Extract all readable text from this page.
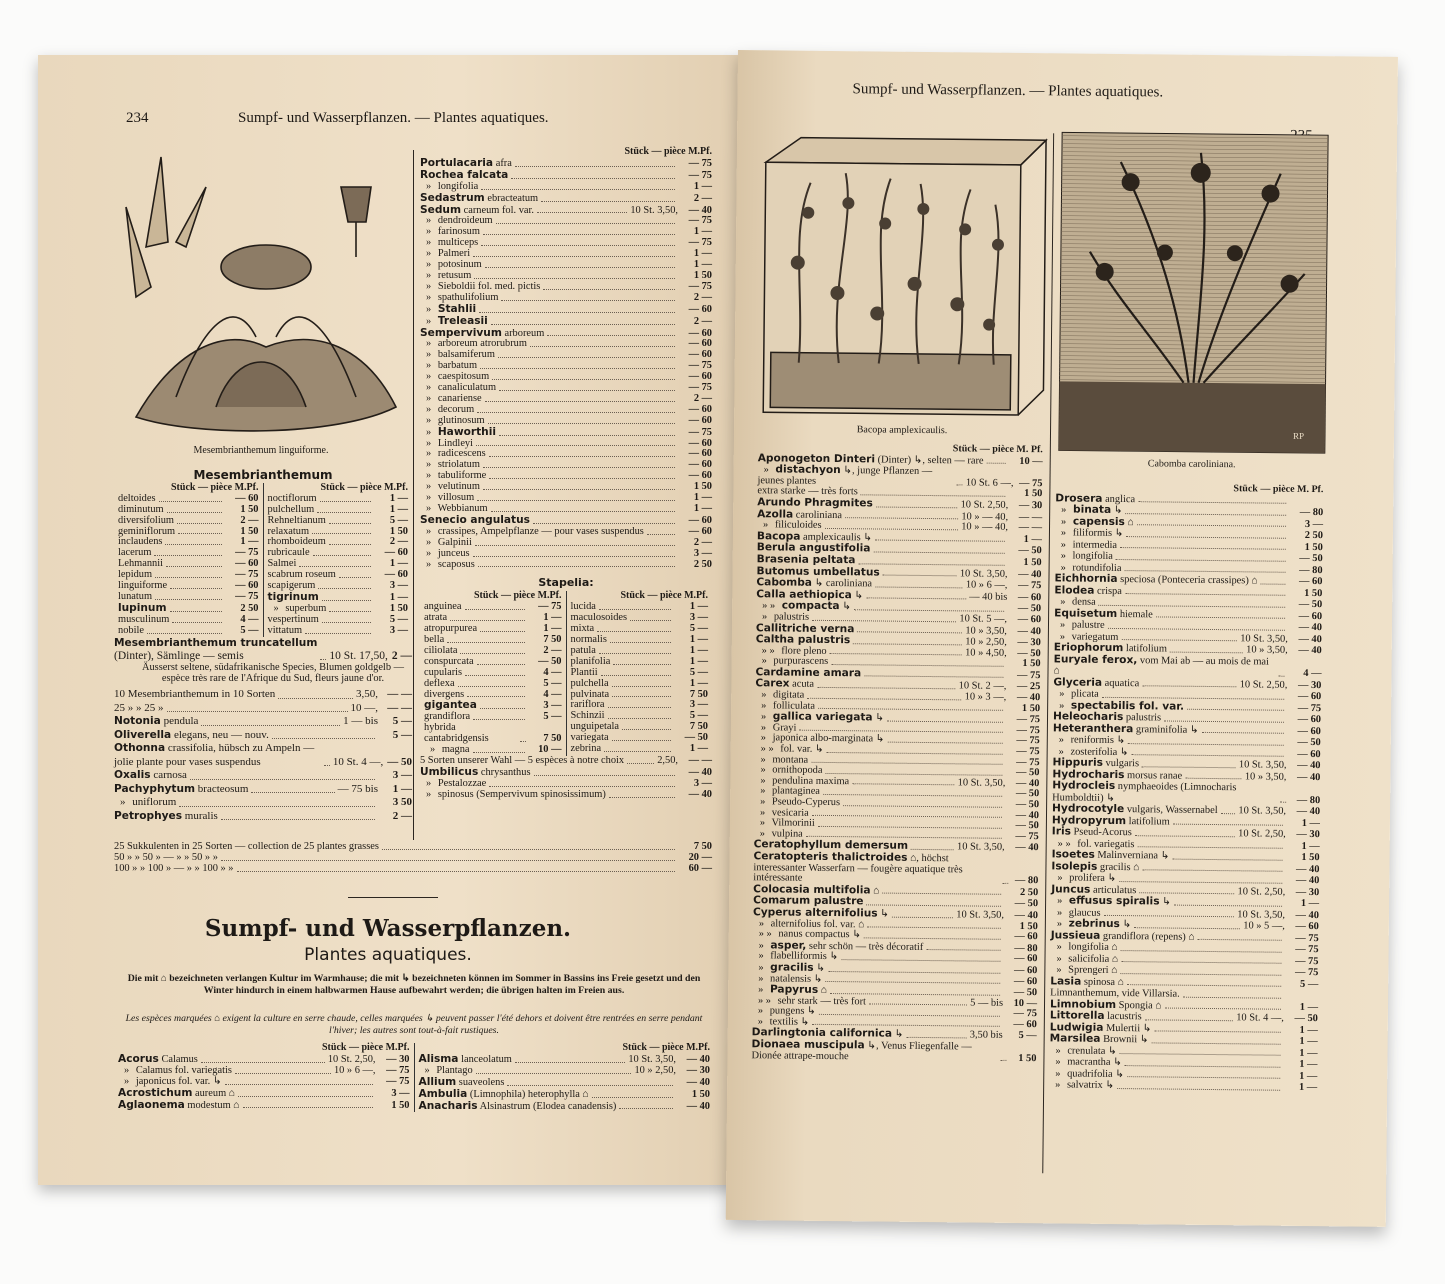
234	Sumpf- und Wasserpflanzen. — Plantes aquatiques.
Mesembrianthemum linguiforme.
Mesembrianthemum
Stück — pièce M.Pf.
deltoides	— 60
diminutum	1 50
diversifolium	2 —
geminiflorum	1 50
inclaudens	1 —
lacerum	— 75
Lehmannii	— 60
lepidum	— 75
linguiforme	— 60
lunatum	— 75
lupinum	2 50
musculinum	4 —
nobile	5 —
Stück — pièce M.Pf.
noctiflorum	1 —
pulchellum	1 —
Rehneltianum	5 —
relaxatum	1 50
rhomboideum	2 —
rubricaule	— 60
Salmei	1 —
scabrum roseum	— 60
scapigerum	3 —
tigrinum	1 —
» superbum	1 50
vespertinum	5 —
vittatum	3 —
Mesembrianthemum truncatellum (Dinter), Sämlinge — semis	10 St. 17,50, 2 —
Äusserst seltene, südafrikanische Species, Blumen goldgelb — espèce très rare de l'Afrique du Sud, fleurs jaune d'or.
10 Mesembrianthemum in 10 Sorten	3,50, — —
25 » » 25 »	10 —, — —
Notonia pendula	1 — bis	5 —
Oliverella elegans, neu — nouv.	5 —
Othonna crassifolia, hübsch zu Ampeln — jolie plante pour vases suspendus	10 St. 4 —, — 50
Oxalis carnosa	3 —
Pachyphytum bracteosum	— 75 bis	1 —
» uniflorum	3 50
Petrophyes muralis	2 —
Stück — pièce M.Pf.
Portulacaria afra	— 75
Rochea falcata	— 75
» longifolia	1 —
Sedastrum ebracteatum	2 —
Sedum carneum fol. var.	10 St. 3,50,	— 40
» dendroideum	— 75
» farinosum	1 —
» multiceps	— 75
» Palmeri	1 —
» potosinum	1 —
» retusum	1 50
» Sieboldii fol. med. pictis	— 75
» spathulifolium	2 —
» Stahlii	— 60
» Treleasii	2 —
Sempervivum arboreum	— 60
» arboreum atrorubrum	— 60
» balsamiferum	— 60
» barbatum	— 75
» caespitosum	— 60
» canaliculatum	— 75
» canariense	2 —
» decorum	— 60
» glutinosum	— 60
» Haworthii	— 75
» Lindleyi	— 60
» radicescens	— 60
» striolatum	— 60
» tabuliforme	— 60
» velutinum	1 50
» villosum	1 —
» Webbianum	1 —
Senecio angulatus	— 60
» crassipes, Ampelpflanze — pour vases suspendus	— 60
» Galpinii	2 —
» junceus	3 —
» scaposus	2 50
Stapelia:
Stück — pièce M.Pf.
anguinea	— 75
atrata	1 —
atropurpurea	1 —
bella	7 50
ciliolata	2 —
conspurcata	— 50
cupularis	4 —
deflexa	5 —
divergens	4 —
gigantea	3 —
grandiflora	5 —
hybrida cantabridgensis	7 50
» magna	10 —
Stück — pièce M.Pf.
lucida	1 —
maculosoides	3 —
mixta	5 —
normalis	1 —
patula	1 —
planifolia	1 —
Plantii	5 —
pulchella	1 —
pulvinata	7 50
rariflora	3 —
Schinzii	5 —
unguipetala	7 50
variegata	— 50
zebrina	1 —
5 Sorten unserer Wahl — 5 espèces à notre choix	2,50,	— —
Umbilicus chrysanthus	— 40
» Pestalozzae	3 —
» spinosus (Sempervivum spinosissimum)	— 40
25 Sukkulenten in 25 Sorten — collection de 25 plantes grasses	7 50
50 » » 50 » — » » 50 » »	20 —
100 » » 100 » — » » 100 » »	60 —
Sumpf- und Wasserpflanzen.
Plantes aquatiques.
Die mit ⌂ bezeichneten verlangen Kultur im Warmhause; die mit ↳ bezeichneten können im Sommer in Bassins ins Freie gesetzt und den Winter hindurch in einem halbwarmen Hause aufbewahrt werden; die übrigen halten im Freien aus.
Les espèces marquées ⌂ exigent la culture en serre chaude, celles marquées ↳ peuvent passer l'été dehors et doivent être rentrées en serre pendant l'hiver; les autres sont tout-à-fait rustiques.
Stück — pièce M.Pf.
Acorus Calamus	10 St. 2,50,	— 30
» Calamus fol. variegatis	10 » 6 —,	— 75
» japonicus fol. var. ↳	— 75
Acrostichum aureum ⌂	3 —
Aglaonema modestum ⌂	1 50
Stück — pièce M.Pf.
Alisma lanceolatum	10 St. 3,50,	— 40
» Plantago	10 » 2,50,	— 30
Allium suaveolens	— 40
Ambulia (Limnophila) heterophylla ⌂	1 50
Anacharis Alsinastrum (Elodea canadensis)	— 40
Sumpf- und Wasserpflanzen. — Plantes aquatiques.
Bacopa amplexicaulis.	RP
Cabomba caroliniana.
Stück — pièce M. Pf.
Aponogeton Dinteri (Dinter) ↳, selten — rare	10 —
» distachyon ↳, junge Pflanzen — jeunes plantes	10 St. 6 —, — 75
extra starke — très forts	1 50
Arundo Phragmites	10 St. 2,50,	— 30
Azolla caroliniana	10 » — 40,	— —
» filiculoides	10 » — 40,	— —
Bacopa amplexicaulis ↳	1 —
Berula angustifolia	— 50
Brasenia peltata	1 50
Butomus umbellatus	10 St. 3,50,	— 40
Cabomba ↳ caroliniana	10 » 6 —,	— 75
Calla aethiopica ↳	— 40 bis	— 60
» » compacta ↳	— 50
» palustris	10 St. 5 —,	— 60
Callitriche verna	10 » 3,50,	— 40
Caltha palustris	10 » 2,50,	— 30
» » flore pleno	10 » 4,50,	— 50
» purpurascens	1 50
Cardamine amara	— 75
Carex acuta	10 St. 2 —,	— 25
» digitata	10 » 3 —,	— 40
» folliculata	1 50
» gallica variegata ↳	— 75
» Grayi	— 75
» japonica albo-marginata ↳	— 75
» » fol. var. ↳	— 75
» montana	— 75
» ornithopoda	— 50
» pendulina maxima	10 St. 3,50,	— 40
» plantaginea	— 50
» Pseudo-Cyperus	— 50
» vesicaria	— 40
» Vilmorinii	— 50
» vulpina	— 75
Ceratophyllum demersum	10 St. 3,50,	— 40
Ceratopteris thalictroides ⌂, höchst interessanter Wasserfarn — fougère aquatique très intéressante	— 80
Colocasia multifolia ⌂	2 50
Comarum palustre	— 50
Cyperus alternifolius ↳	10 St. 3,50,	— 40
» alternifolius fol. var. ⌂	1 50
» » nanus compactus ↳	— 60
» asper, sehr schön — très décoratif	— 80
» flabelliformis ↳	— 60
» gracilis ↳	— 60
» natalensis ↳	— 60
» Papyrus ⌂	— 50
» » sehr stark — très fort	5 — bis	10 —
» pungens ↳	— 75
» textilis ↳	— 60
Darlingtonia californica ↳	3,50 bis	5 —
Dionaea muscipula ↳, Venus Fliegenfalle — Dionée attrape-mouche	1 50
Stück — pièce M. Pf.
Drosera anglica
» binata ↳	— 80
» capensis ⌂	3 —
» filiformis ↳	2 50
» intermedia	1 50
» longifolia	— 50
» rotundifolia	— 80
Eichhornia speciosa (Ponteceria crassipes) ⌂	— 60
Elodea crispa	1 50
» densa	— 50
Equisetum hiemale	— 60
» palustre	— 40
» variegatum	10 St. 3,50,	— 40
Eriophorum latifolium	10 » 3,50,	— 40
Euryale ferox, vom Mai ab — au mois de mai ⌂	4 —
Glyceria aquatica	10 St. 2,50,	— 30
» plicata	— 60
» spectabilis fol. var.	— 75
Heleocharis palustris	— 60
Heteranthera graminifolia ↳	— 60
» reniformis ↳	— 50
» zosterifolia ↳	— 60
Hippuris vulgaris	10 St. 3,50,	— 40
Hydrocharis morsus ranae	10 » 3,50,	— 40
Hydrocleis nymphaeoides (Limnocharis Humboldtii) ↳	— 80
Hydrocotyle vulgaris, Wassernabel 10 St. 3,50,	— 40
Hydropyrum latifolium	1 —
Iris Pseud-Acorus	10 St. 2,50,	— 30
» » fol. variegatis	1 —
Isoetes Malinverniana ↳	1 50
Isolepis gracilis ⌂	— 40
» prolifera ↳	— 40
Juncus articulatus	10 St. 2,50,	— 30
» effusus spiralis ↳	1 —
» glaucus	10 St. 3,50,	— 40
» zebrinus ↳	10 » 5 —,	— 60
Jussieua grandiflora (repens) ⌂	— 75
» longifolia ⌂	— 75
» salicifolia ⌂	— 75
» Sprengeri ⌂	— 75
Lasia spinosa ⌂	5 —
Limnanthemum, vide Villarsia.
Limnobium Spongia ⌂	1 —
Littorella lacustris	10 St. 4 —,	— 50
Ludwigia Mulertii ↳	1 —
Marsilea Brownii ↳	1 —
» crenulata ↳	1 —
» macrantha ↳	1 —
» quadrifolia ↳	1 —
» salvatrix ↳	1 —
